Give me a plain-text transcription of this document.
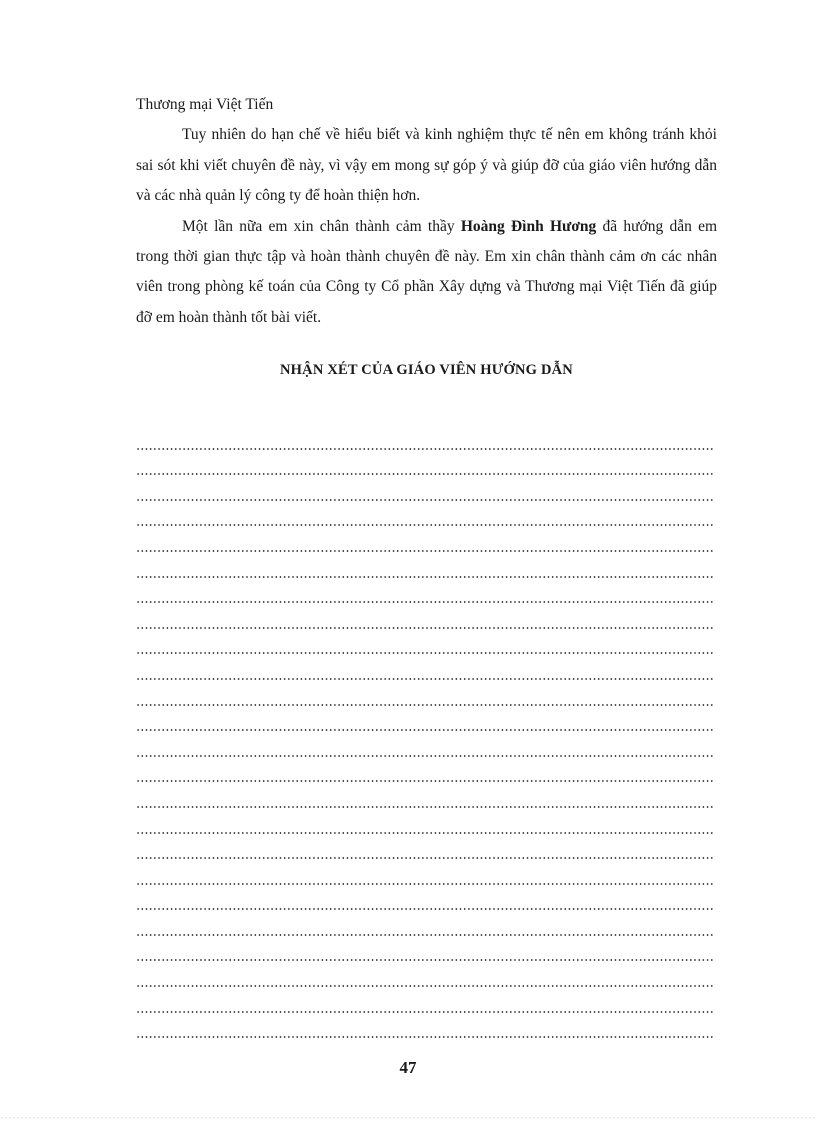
Thương mại Việt Tiến

Tuy nhiên do hạn chế về hiểu biết và kinh nghiệm thực tế nên em không tránh khỏi sai sót khi viết chuyên đề này, vì vậy em mong sự góp ý và giúp đỡ của giáo viên hướng dẫn và các nhà quản lý công ty để hoàn thiện hơn.

Một lần nữa em xin chân thành cảm thầy Hoàng Đình Hương đã hướng dẫn em trong thời gian thực tập và hoàn thành chuyên đề này. Em xin chân thành cảm ơn các nhân viên trong phòng kế toán của Công ty Cổ phần Xây dựng và Thương mại Việt Tiến đã giúp đỡ em hoàn thành tốt bài viết.

NHẬN XÉT CỦA GIÁO VIÊN HƯỚNG DẪN

47
